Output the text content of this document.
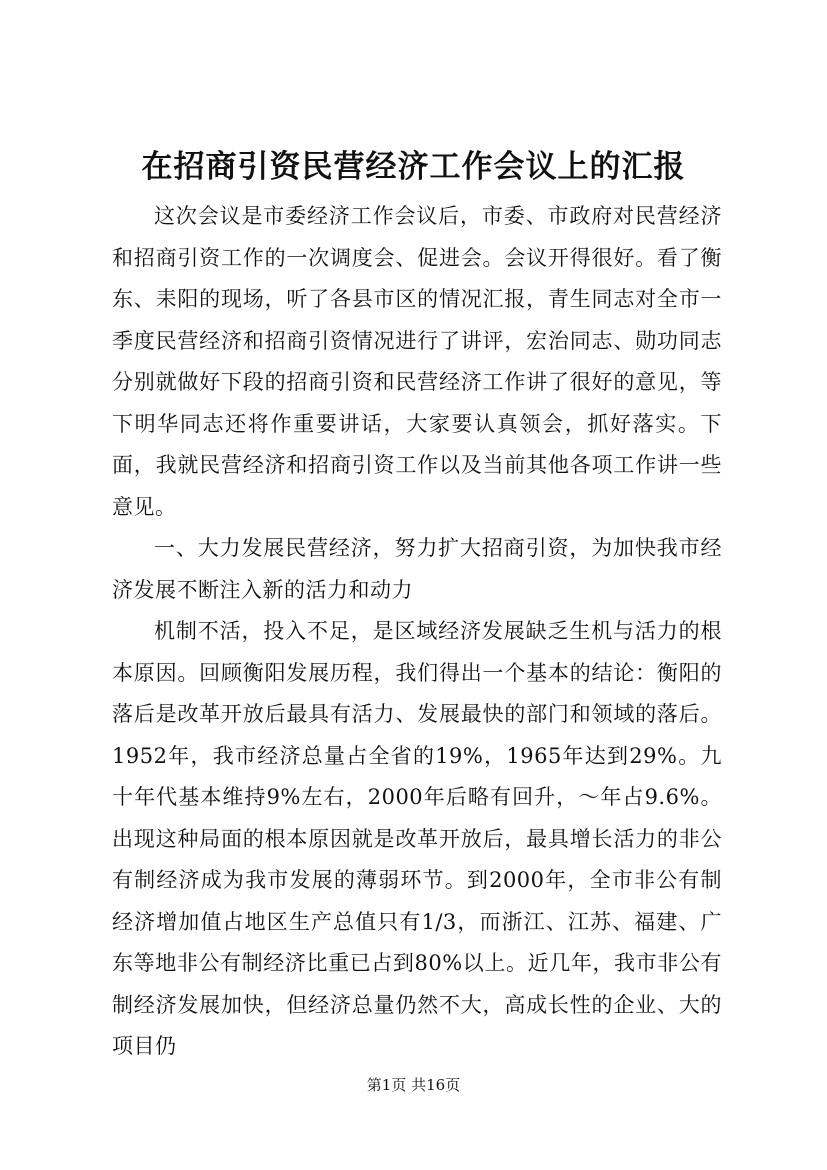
在招商引资民营经济工作会议上的汇报

这次会议是市委经济工作会议后，市委、市政府对民营经济和招商引资工作的一次调度会、促进会。会议开得很好。看了衡东、耒阳的现场，听了各县市区的情况汇报，青生同志对全市一季度民营经济和招商引资情况进行了讲评，宏治同志、勋功同志分别就做好下段的招商引资和民营经济工作讲了很好的意见，等下明华同志还将作重要讲话，大家要认真领会，抓好落实。下面，我就民营经济和招商引资工作以及当前其他各项工作讲一些意见。

一、大力发展民营经济，努力扩大招商引资，为加快我市经济发展不断注入新的活力和动力

机制不活，投入不足，是区域经济发展缺乏生机与活力的根本原因。回顾衡阳发展历程，我们得出一个基本的结论：衡阳的落后是改革开放后最具有活力、发展最快的部门和领域的落后。1952年，我市经济总量占全省的19%，1965年达到29%。九十年代基本维持9%左右，2000年后略有回升，～年占9.6%。出现这种局面的根本原因就是改革开放后，最具增长活力的非公有制经济成为我市发展的薄弱环节。到2000年，全市非公有制经济增加值占地区生产总值只有1/3，而浙江、江苏、福建、广东等地非公有制经济比重已占到80%以上。近几年，我市非公有制经济发展加快，但经济总量仍然不大，高成长性的企业、大的项目仍

第1页 共16页
